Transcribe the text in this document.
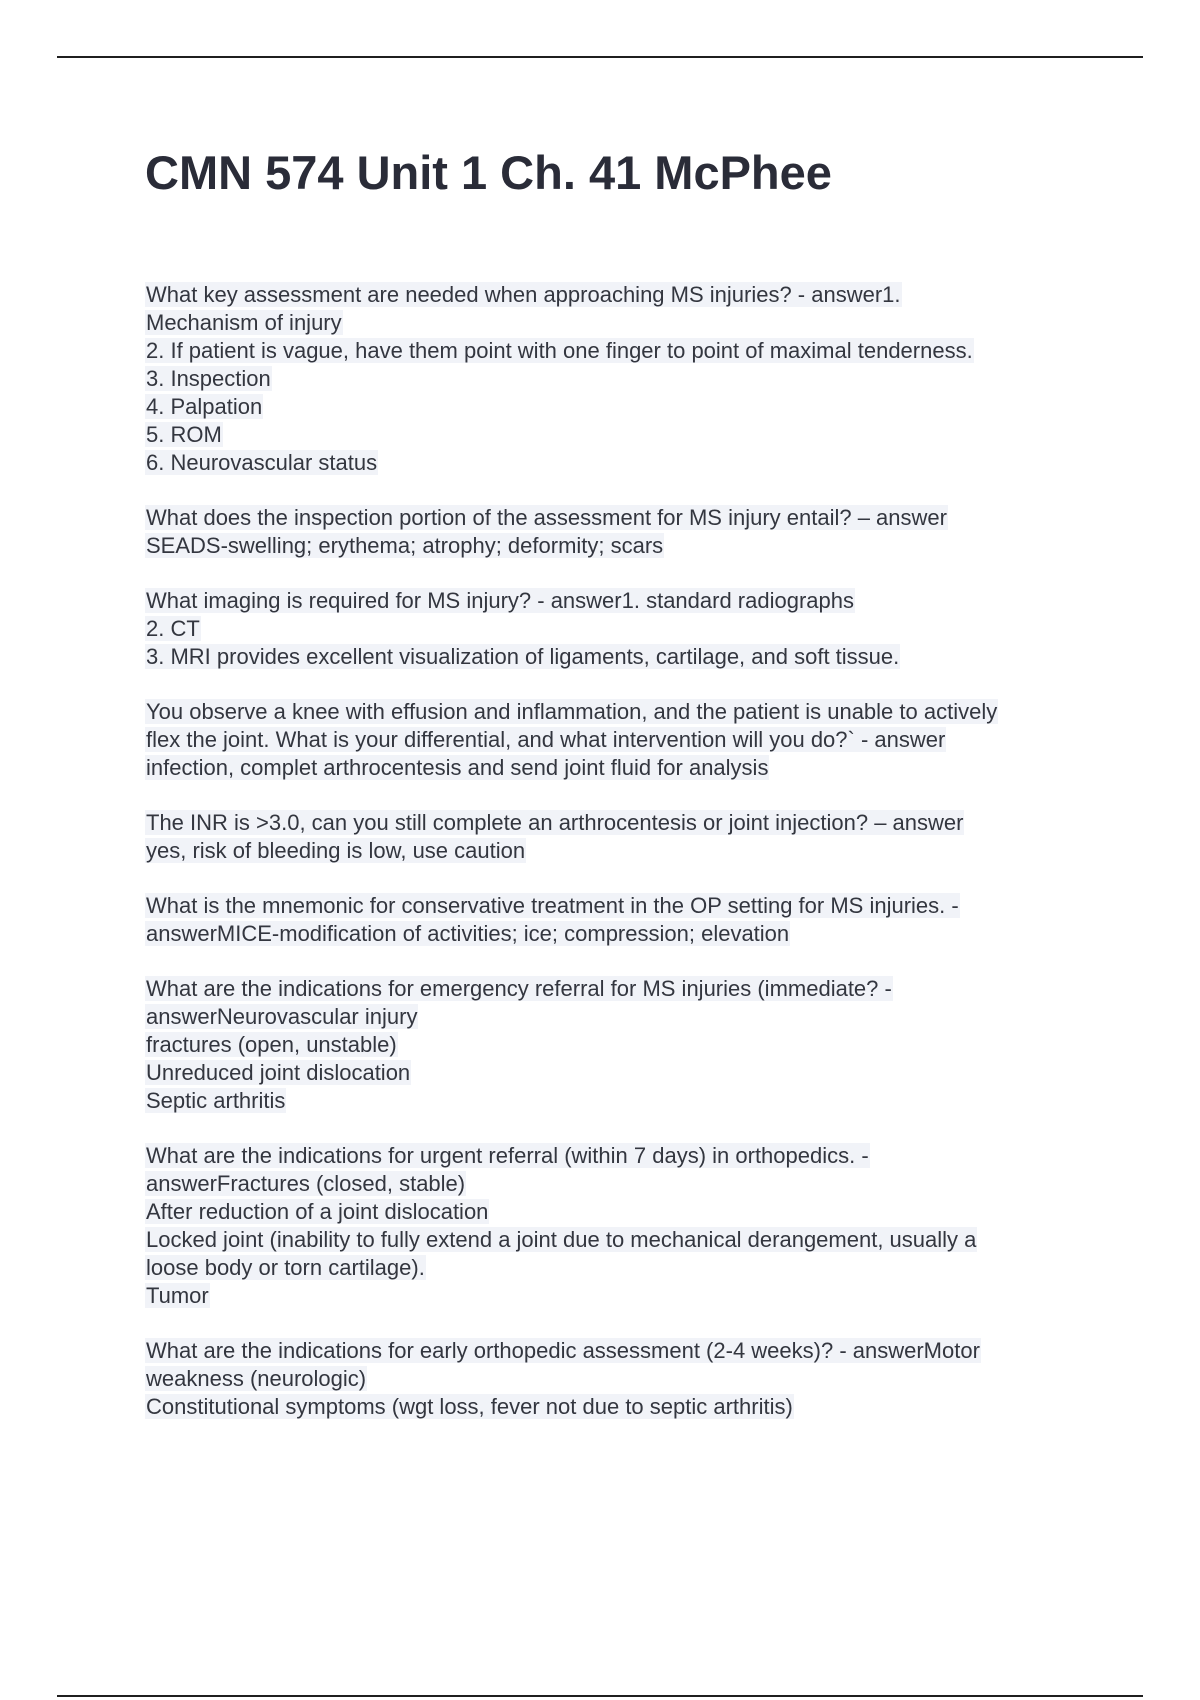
CMN 574 Unit 1 Ch. 41 McPhee
What key assessment are needed when approaching MS injuries? - answer1.
Mechanism of injury
2. If patient is vague, have them point with one finger to point of maximal tenderness.
3. Inspection
4. Palpation
5. ROM
6. Neurovascular status
What does the inspection portion of the assessment for MS injury entail? – answer
SEADS-swelling; erythema; atrophy; deformity; scars
What imaging is required for MS injury? - answer1. standard radiographs
2. CT
3. MRI provides excellent visualization of ligaments, cartilage, and soft tissue.
You observe a knee with effusion and inflammation, and the patient is unable to actively
flex the joint. What is your differential, and what intervention will you do?` - answer
infection, complet arthrocentesis and send joint fluid for analysis
The INR is >3.0, can you still complete an arthrocentesis or joint injection? – answer
yes, risk of bleeding is low, use caution
What is the mnemonic for conservative treatment in the OP setting for MS injuries. -
answerMICE-modification of activities; ice; compression; elevation
What are the indications for emergency referral for MS injuries (immediate? -
answerNeurovascular injury
fractures (open, unstable)
Unreduced joint dislocation
Septic arthritis
What are the indications for urgent referral (within 7 days) in orthopedics. -
answerFractures (closed, stable)
After reduction of a joint dislocation
Locked joint (inability to fully extend a joint due to mechanical derangement, usually a
loose body or torn cartilage).
Tumor
What are the indications for early orthopedic assessment (2-4 weeks)? - answerMotor
weakness (neurologic)
Constitutional symptoms (wgt loss, fever not due to septic arthritis)
